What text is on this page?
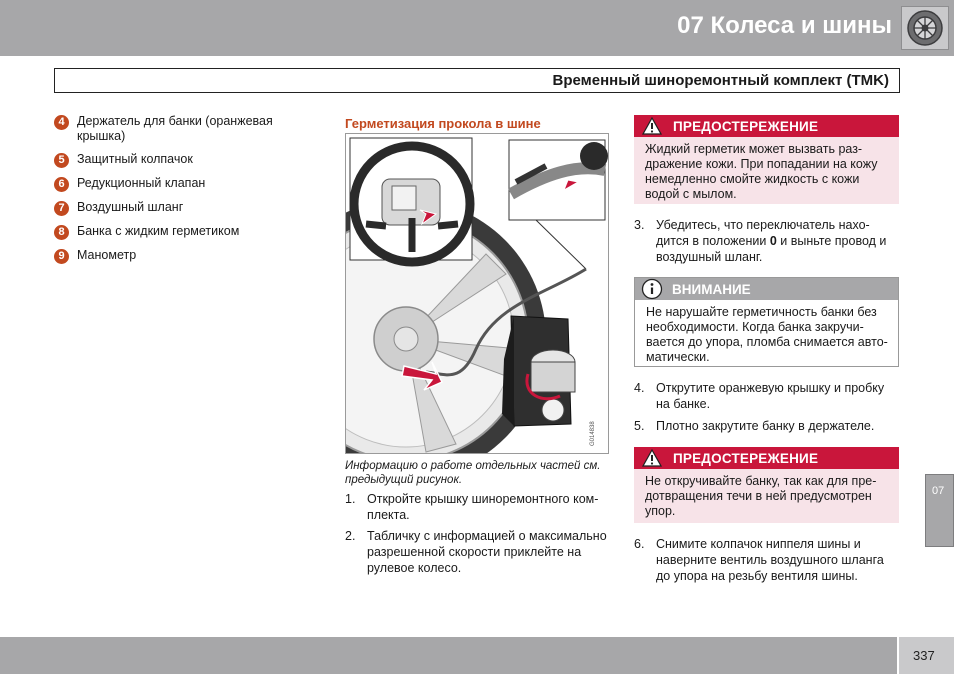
07 Колеса и шины
Временный шиноремонтный комплект (TMK)
4 Держатель для банки (оранжевая крышка)
5 Защитный колпачок
6 Редукционный клапан
7 Воздушный шланг
8 Банка с жидким герметиком
9 Манометр
Герметизация прокола в шине
G014838
Информацию о работе отдельных частей см. предыдущий рисунок.
1. Откройте крышку шиноремонтного ком-плекта.
2. Табличку с информацией о максимально разрешенной скорости приклейте на рулевое колесо.
ПРЕДОСТЕРЕЖЕНИЕ
Жидкий герметик может вызвать раз-дражение кожи. При попадании на кожу немедленно смойте жидкость с кожи водой с мылом.
3. Убедитесь, что переключатель нахо-дится в положении 0 и выньте провод и воздушный шланг.
ВНИМАНИЕ
Не нарушайте герметичность банки без необходимости. Когда банка закручи-вается до упора, пломба снимается авто-матически.
4. Открутите оранжевую крышку и пробку на банке.
5. Плотно закрутите банку в держателе.
ПРЕДОСТЕРЕЖЕНИЕ
Не откручивайте банку, так как для пре-дотвращения течи в ней предусмотрен упор.
6. Снимите колпачок ниппеля шины и наверните вентиль воздушного шланга до упора на резьбу вентиля шины.
07
337
